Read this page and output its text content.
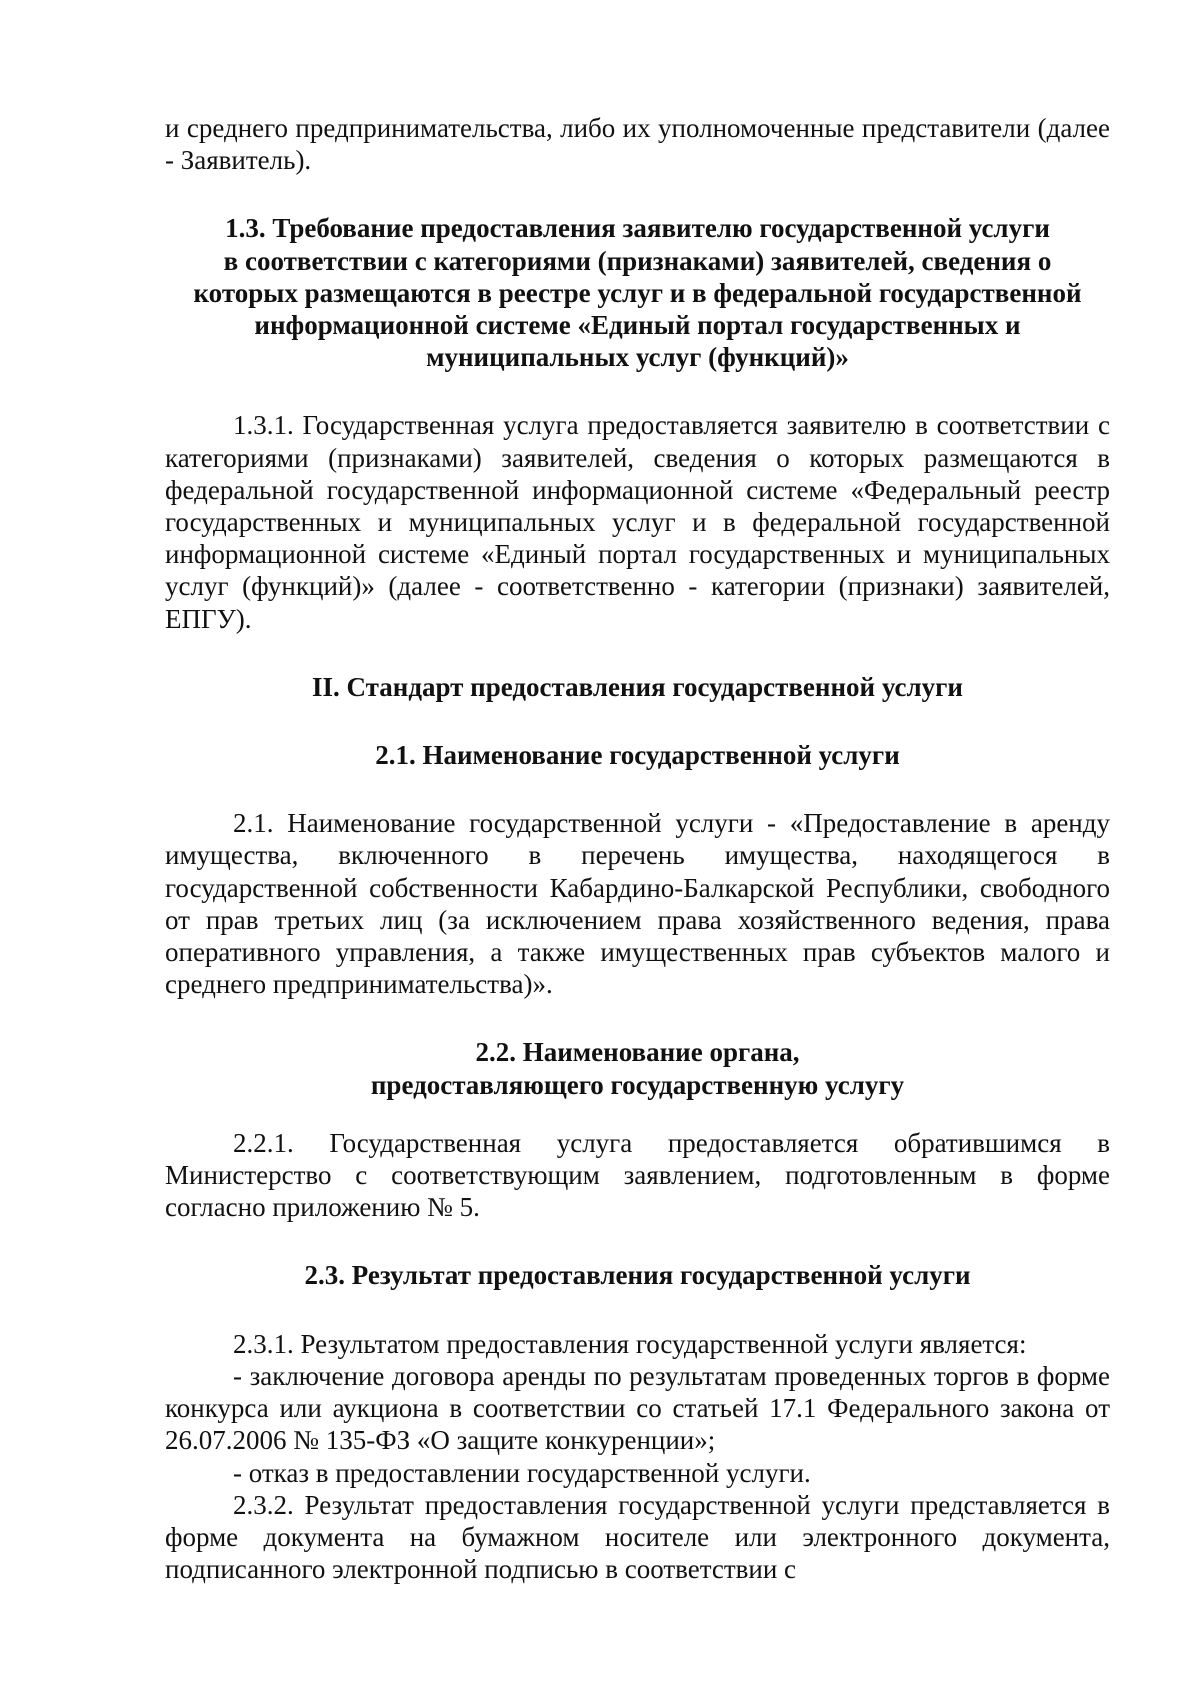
и среднего предпринимательства, либо их уполномоченные представители (далее - Заявитель).

1.3. Требование предоставления заявителю государственной услуги
в соответствии с категориями (признаками) заявителей, сведения о
которых размещаются в реестре услуг и в федеральной государственной
информационной системе «Единый портал государственных и
муниципальных услуг (функций)»

1.3.1. Государственная услуга предоставляется заявителю в соответствии с категориями (признаками) заявителей, сведения о которых размещаются в федеральной государственной информационной системе «Федеральный реестр государственных и муниципальных услуг и в федеральной государственной информационной системе «Единый портал государственных и муниципальных услуг (функций)» (далее - соответственно - категории (признаки) заявителей, ЕПГУ).

II. Стандарт предоставления государственной услуги
2.1. Наименование государственной услуги

2.1. Наименование государственной услуги - «Предоставление в аренду имущества, включенного в перечень имущества, находящегося в государственной собственности Кабардино-Балкарской Республики, свободного от прав третьих лиц (за исключением права хозяйственного ведения, права оперативного управления, а также имущественных прав субъектов малого и среднего предпринимательства)».

2.2. Наименование органа,
предоставляющего государственную услугу

2.2.1. Государственная услуга предоставляется обратившимся в Министерство с соответствующим заявлением, подготовленным в форме согласно приложению № 5.

2.3. Результат предоставления государственной услуги

2.3.1. Результатом предоставления государственной услуги является:

- заключение договора аренды по результатам проведенных торгов в форме конкурса или аукциона в соответствии со статьей 17.1 Федерального закона от 26.07.2006 № 135-ФЗ «О защите конкуренции»;

- отказ в предоставлении государственной услуги.

2.3.2. Результат предоставления государственной услуги представляется в форме документа на бумажном носителе или электронного документа, подписанного электронной подписью в соответствии с
